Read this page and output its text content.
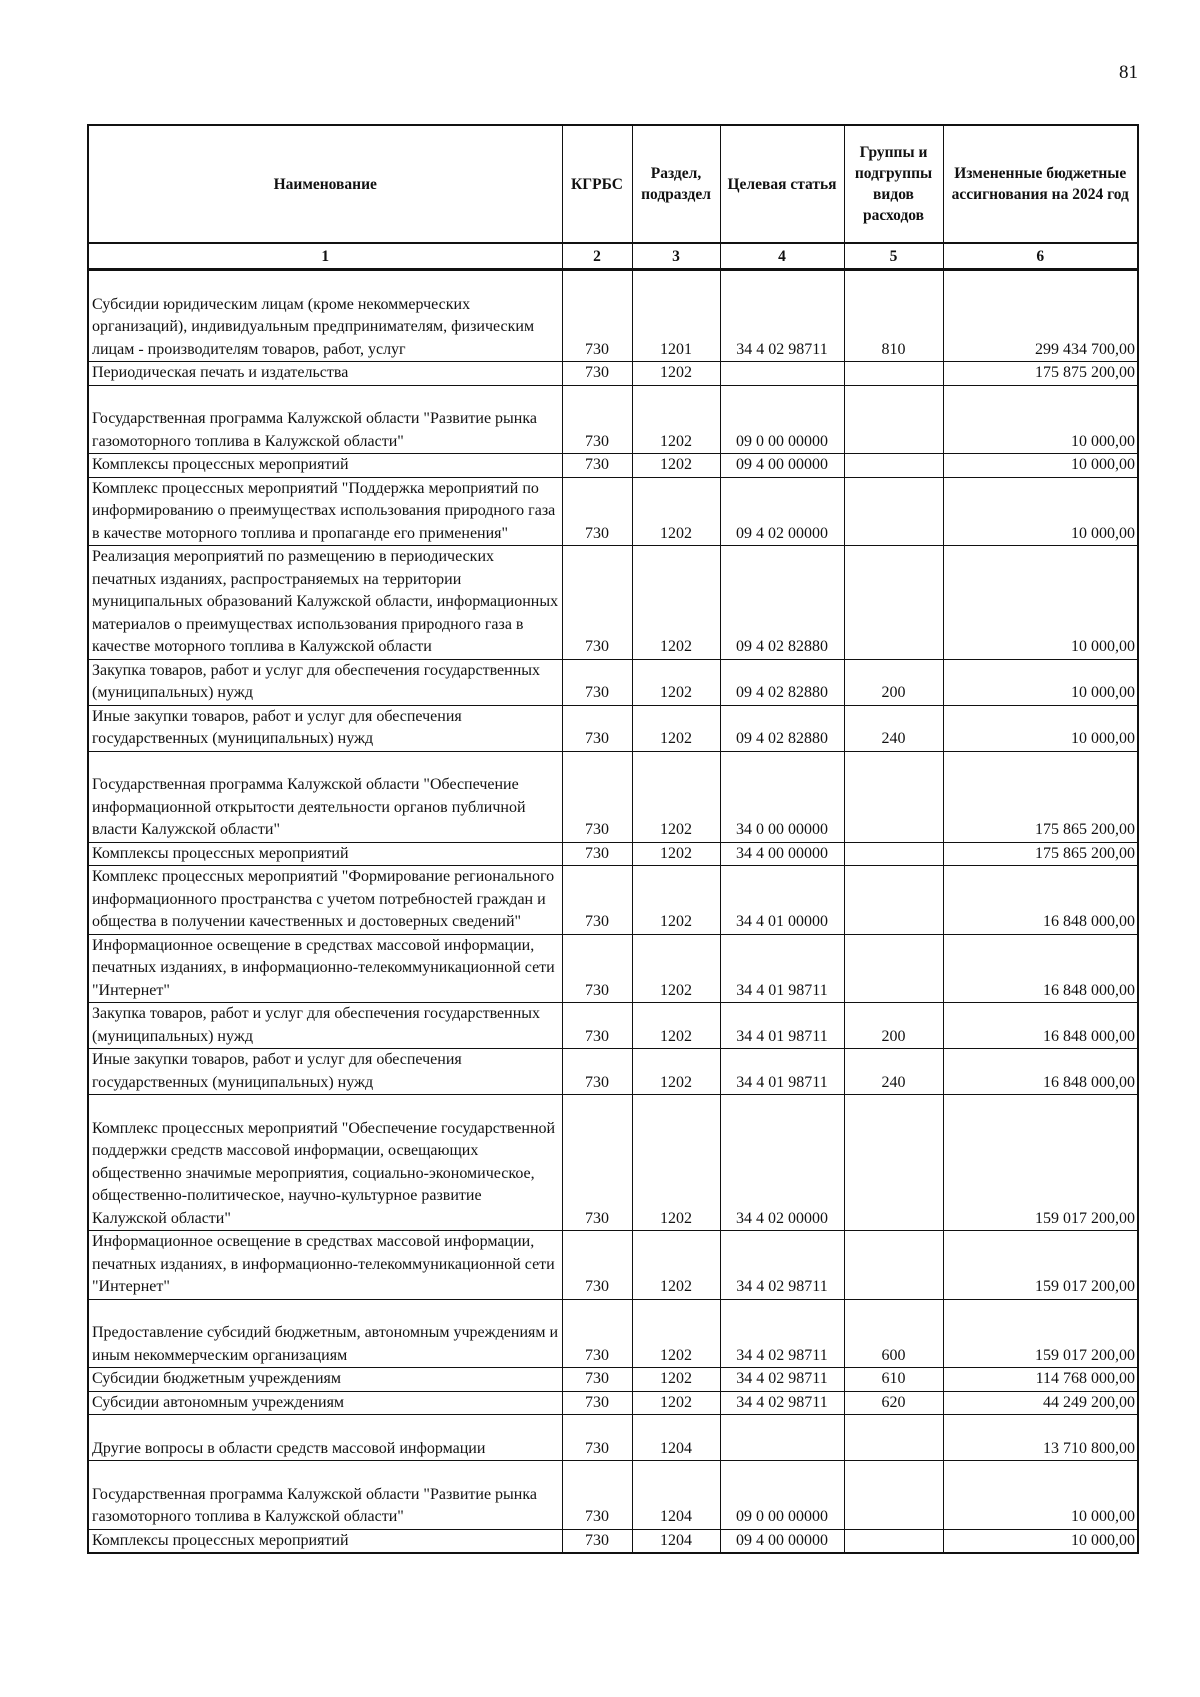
81
Наименование	КГРБС	Раздел, подраздел	Целевая статья	Группы и подгруппы видов расходов	Измененные бюджетные ассигнования на 2024 год
1	2	3	4	5	6

Субсидии юридическим лицам (кроме некоммерческих организаций), индивидуальным предпринимателям, физическим лицам - производителям товаров, работ, услуг	730	1201	34 4 02 98711	810	299 434 700,00
Периодическая печать и издательства	730	1202			175 875 200,00

Государственная программа Калужской области "Развитие рынка газомоторного топлива в Калужской области"	730	1202	09 0 00 00000		10 000,00
Комплексы процессных мероприятий	730	1202	09 4 00 00000		10 000,00
Комплекс процессных мероприятий "Поддержка мероприятий по информированию о преимуществах использования природного газа в качестве моторного топлива и пропаганде его применения"	730	1202	09 4 02 00000		10 000,00
Реализация мероприятий по размещению в периодических печатных изданиях, распространяемых на территории муниципальных образований Калужской области, информационных материалов о преимуществах использования природного газа в качестве моторного топлива в Калужской области	730	1202	09 4 02 82880		10 000,00
Закупка товаров, работ и услуг для обеспечения государственных (муниципальных) нужд	730	1202	09 4 02 82880	200	10 000,00
Иные закупки товаров, работ и услуг для обеспечения государственных (муниципальных) нужд	730	1202	09 4 02 82880	240	10 000,00

Государственная программа Калужской области "Обеспечение информационной открытости деятельности органов публичной власти Калужской области"	730	1202	34 0 00 00000		175 865 200,00
Комплексы процессных мероприятий	730	1202	34 4 00 00000		175 865 200,00
Комплекс процессных мероприятий "Формирование регионального информационного пространства с учетом потребностей граждан и общества в получении качественных и достоверных сведений"	730	1202	34 4 01 00000		16 848 000,00
Информационное освещение в средствах массовой информации, печатных изданиях, в информационно-телекоммуникационной сети "Интернет"	730	1202	34 4 01 98711		16 848 000,00
Закупка товаров, работ и услуг для обеспечения государственных (муниципальных) нужд	730	1202	34 4 01 98711	200	16 848 000,00
Иные закупки товаров, работ и услуг для обеспечения государственных (муниципальных) нужд	730	1202	34 4 01 98711	240	16 848 000,00

Комплекс процессных мероприятий "Обеспечение государственной поддержки средств массовой информации, освещающих общественно значимые мероприятия, социально-экономическое, общественно-политическое, научно-культурное развитие Калужской области"	730	1202	34 4 02 00000		159 017 200,00
Информационное освещение в средствах массовой информации, печатных изданиях, в информационно-телекоммуникационной сети "Интернет"	730	1202	34 4 02 98711		159 017 200,00

Предоставление субсидий бюджетным, автономным учреждениям и иным некоммерческим организациям	730	1202	34 4 02 98711	600	159 017 200,00
Субсидии бюджетным учреждениям	730	1202	34 4 02 98711	610	114 768 000,00
Субсидии автономным учреждениям	730	1202	34 4 02 98711	620	44 249 200,00

Другие вопросы в области средств массовой информации	730	1204			13 710 800,00

Государственная программа Калужской области "Развитие рынка газомоторного топлива в Калужской области"	730	1204	09 0 00 00000		10 000,00
Комплексы процессных мероприятий	730	1204	09 4 00 00000		10 000,00
